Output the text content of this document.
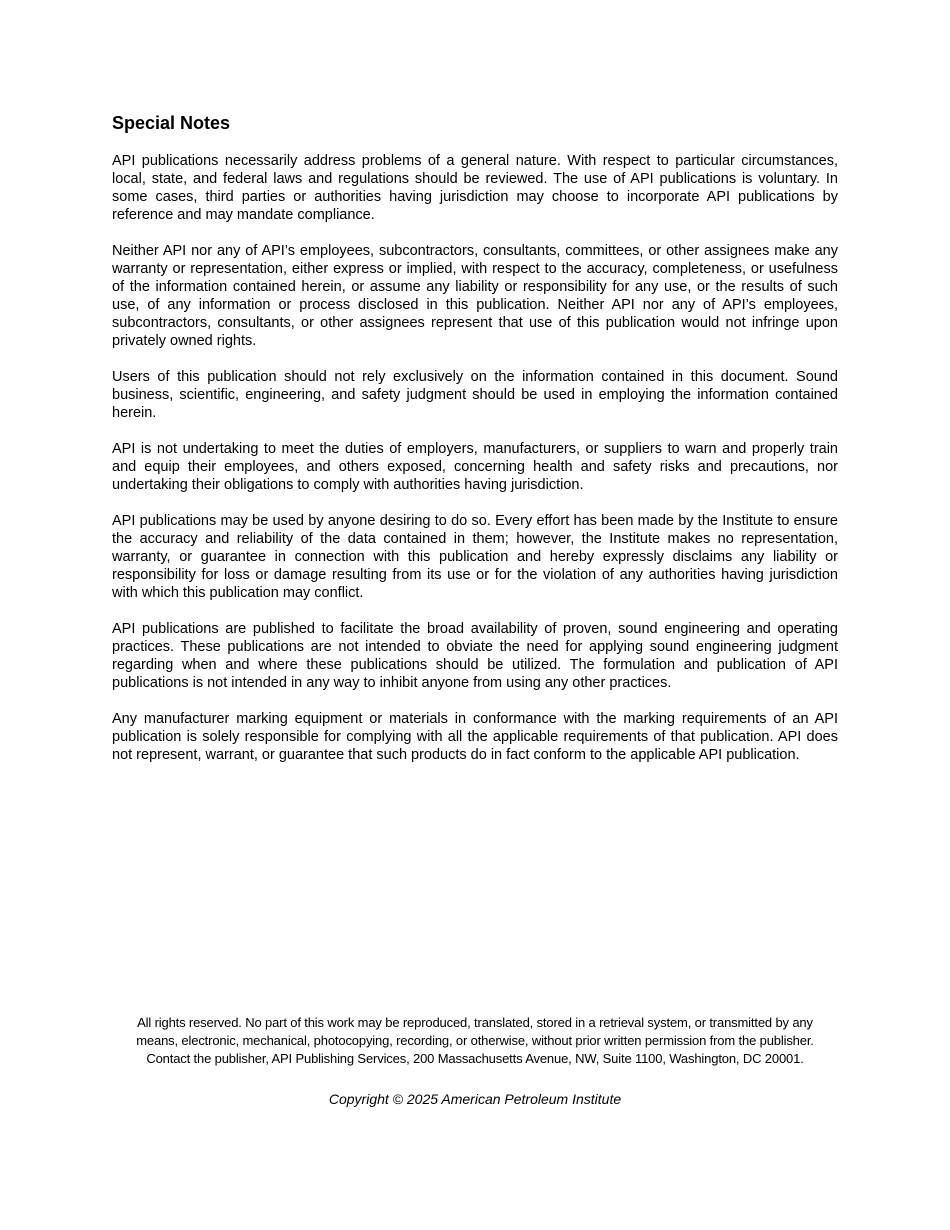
Special Notes

API publications necessarily address problems of a general nature. With respect to particular circumstances, local, state, and federal laws and regulations should be reviewed. The use of API publications is voluntary. In some cases, third parties or authorities having jurisdiction may choose to incorporate API publications by reference and may mandate compliance.

Neither API nor any of API’s employees, subcontractors, consultants, committees, or other assignees make any warranty or representation, either express or implied, with respect to the accuracy, completeness, or usefulness of the information contained herein, or assume any liability or responsibility for any use, or the results of such use, of any information or process disclosed in this publication. Neither API nor any of API’s employees, subcontractors, consultants, or other assignees represent that use of this publication would not infringe upon privately owned rights.

Users of this publication should not rely exclusively on the information contained in this document. Sound business, scientific, engineering, and safety judgment should be used in employing the information contained herein.

API is not undertaking to meet the duties of employers, manufacturers, or suppliers to warn and properly train and equip their employees, and others exposed, concerning health and safety risks and precautions, nor undertaking their obligations to comply with authorities having jurisdiction.

API publications may be used by anyone desiring to do so. Every effort has been made by the Institute to ensure the accuracy and reliability of the data contained in them; however, the Institute makes no representation, warranty, or guarantee in connection with this publication and hereby expressly disclaims any liability or responsibility for loss or damage resulting from its use or for the violation of any authorities having jurisdiction with which this publication may conflict.

API publications are published to facilitate the broad availability of proven, sound engineering and operating practices. These publications are not intended to obviate the need for applying sound engineering judgment regarding when and where these publications should be utilized. The formulation and publication of API publications is not intended in any way to inhibit anyone from using any other practices.

Any manufacturer marking equipment or materials in conformance with the marking requirements of an API publication is solely responsible for complying with all the applicable requirements of that publication. API does not represent, warrant, or guarantee that such products do in fact conform to the applicable API publication.

All rights reserved. No part of this work may be reproduced, translated, stored in a retrieval system, or transmitted by any
means, electronic, mechanical, photocopying, recording, or otherwise, without prior written permission from the publisher.
Contact the publisher, API Publishing Services, 200 Massachusetts Avenue, NW, Suite 1100, Washington, DC 20001.

Copyright © 2025 American Petroleum Institute
